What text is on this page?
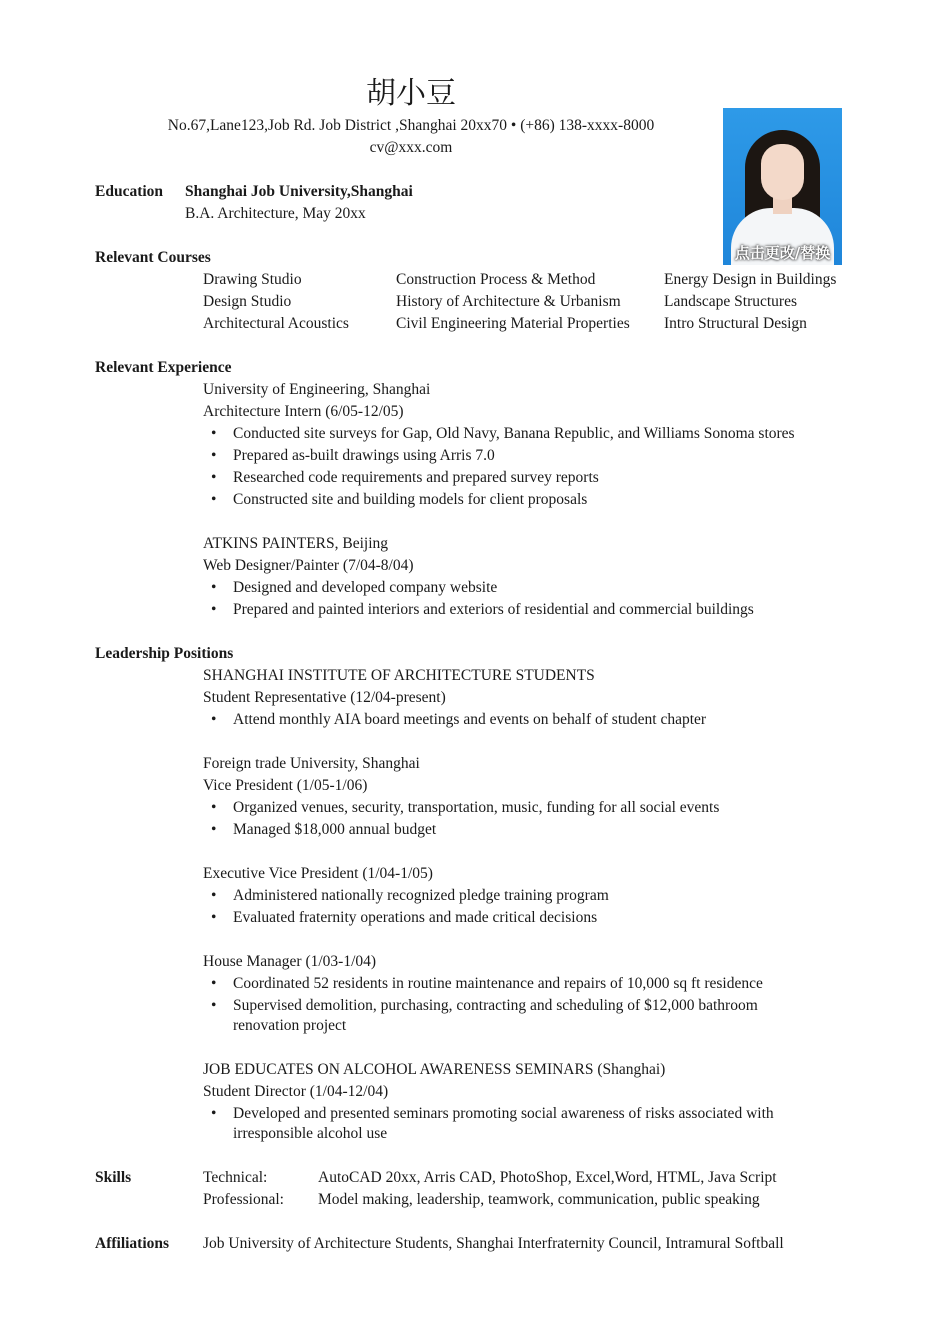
胡小豆
No.67,Lane123,Job Rd. Job District ,Shanghai 20xx70 • (+86) 138-xxxx-8000
cv@xxx.com
点击更改/替换
Education Shanghai Job University,Shanghai
B.A. Architecture, May 20xx
Relevant Courses
Drawing Studio
Design Studio
Architectural Acoustics
Construction Process & Method
History of Architecture & Urbanism
Civil Engineering Material Properties
Energy Design in Buildings
Landscape Structures
Intro Structural Design
Relevant Experience
University of Engineering, Shanghai
Architecture Intern (6/05-12/05)
• Conducted site surveys for Gap, Old Navy, Banana Republic, and Williams Sonoma stores
• Prepared as-built drawings using Arris 7.0
• Researched code requirements and prepared survey reports
• Constructed site and building models for client proposals
ATKINS PAINTERS, Beijing
Web Designer/Painter (7/04-8/04)
• Designed and developed company website
• Prepared and painted interiors and exteriors of residential and commercial buildings
Leadership Positions
SHANGHAI INSTITUTE OF ARCHITECTURE STUDENTS
Student Representative (12/04-present)
• Attend monthly AIA board meetings and events on behalf of student chapter
Foreign trade University, Shanghai
Vice President (1/05-1/06)
• Organized venues, security, transportation, music, funding for all social events
• Managed $18,000 annual budget
Executive Vice President (1/04-1/05)
• Administered nationally recognized pledge training program
• Evaluated fraternity operations and made critical decisions
House Manager (1/03-1/04)
• Coordinated 52 residents in routine maintenance and repairs of 10,000 sq ft residence
• Supervised demolition, purchasing, contracting and scheduling of $12,000 bathroom
renovation project
JOB EDUCATES ON ALCOHOL AWARENESS SEMINARS (Shanghai)
Student Director (1/04-12/04)
• Developed and presented seminars promoting social awareness of risks associated with
irresponsible alcohol use
Skills	Technical:	AutoCAD 20xx, Arris CAD, PhotoShop, Excel,Word, HTML, Java Script
Professional: Model making, leadership, teamwork, communication, public speaking
Affiliations Job University of Architecture Students, Shanghai Interfraternity Council, Intramural Softball
